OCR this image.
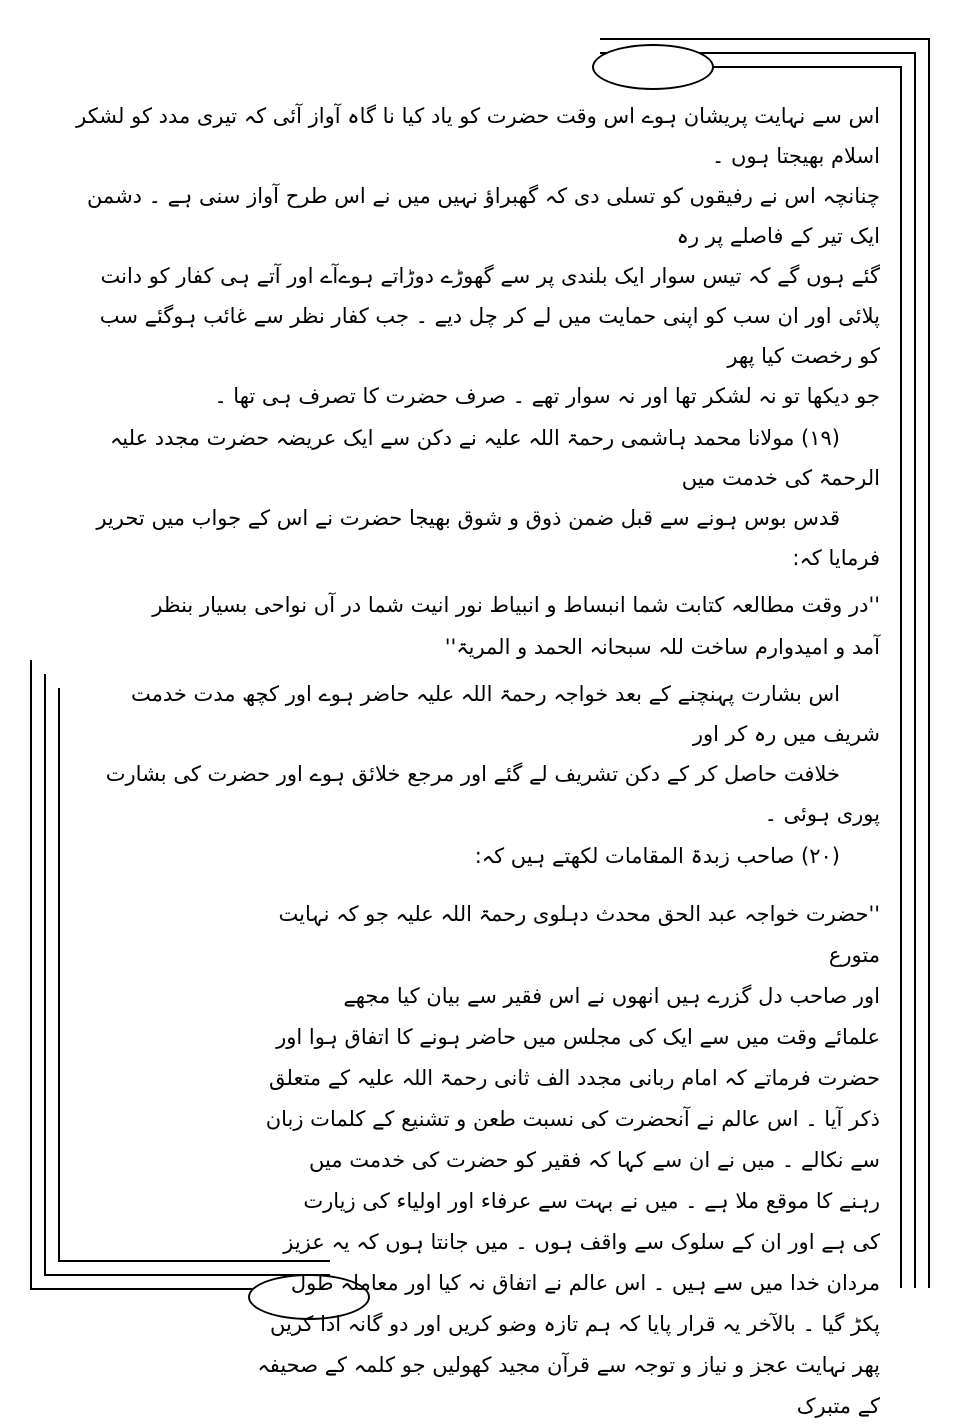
اس سے نہایت پریشان ہوے اس وقت حضرت کو یاد کیا نا گاہ آواز آئی کہ تیری مدد کو لشکر اسلام بھیجتا ہوں ۔
چنانچہ اس نے رفیقوں کو تسلی دی کہ گھبراؤ نہیں میں نے اس طرح آواز سنی ہے ۔ دشمن ایک تیر کے فاصلے پر رہ
گئے ہوں گے کہ تیس سوار ایک بلندی پر سے گھوڑے دوڑاتے ہوےآے اور آتے ہی کفار کو دانت
پلائی اور ان سب کو اپنی حمایت میں لے کر چل دیے ۔ جب کفار نظر سے غائب ہوگئے سب کو رخصت کیا پھر
جو دیکھا تو نہ لشکر تھا اور نہ سوار تھے ۔ صرف حضرت کا تصرف ہی تھا ۔
(۱۹) مولانا محمد ہاشمی رحمۃ اللہ علیہ نے دکن سے ایک عریضہ حضرت مجدد علیہ الرحمۃ کی خدمت میں
قدس بوس ہونے سے قبل ضمن ذوق و شوق بھیجا حضرت نے اس کے جواب میں تحریر فرمایا کہ:
''در وقت مطالعہ کتابت شما انبساط و انبیاط نور انیت شما در آں نواحی بسیار بنظر
آمد و امیدوارم ساخت للہ سبحانہ الحمد و المریۃ''
اس بشارت پہنچنے کے بعد خواجہ رحمۃ اللہ علیہ حاضر ہوے اور کچھ مدت خدمت شریف میں رہ کر اور
خلافت حاصل کر کے دکن تشریف لے گئے اور مرجع خلائق ہوے اور حضرت کی بشارت پوری ہوئی ۔
(۲۰) صاحب زبدۃ المقامات لکھتے ہیں کہ:
''حضرت خواجہ عبد الحق محدث دہلوی رحمۃ اللہ علیہ جو کہ نہایت متورع
اور صاحب دل گزرے ہیں انھوں نے اس فقیر سے بیان کیا مجھے
علمائے وقت میں سے ایک کی مجلس میں حاضر ہونے کا اتفاق ہوا اور
حضرت فرماتے کہ امام ربانی مجدد الف ثانی رحمۃ اللہ علیہ کے متعلق
ذکر آیا ۔ اس عالم نے آنحضرت کی نسبت طعن و تشنیع کے کلمات زبان
سے نکالے ۔ میں نے ان سے کہا کہ فقیر کو حضرت کی خدمت میں
رہنے کا موقع ملا ہے ۔ میں نے بہت سے عرفاء اور اولیاء کی زیارت
کی ہے اور ان کے سلوک سے واقف ہوں ۔ میں جانتا ہوں کہ یہ عزیز
مردان خدا میں سے ہیں ۔ اس عالم نے اتفاق نہ کیا اور معاملہ طول
پکڑ گیا ۔ بالآخر یہ قرار پایا کہ ہم تازہ وضو کریں اور دو گانہ ادا کریں
پھر نہایت عجز و نیاز و توجہ سے قرآن مجید کھولیں جو کلمہ کے صحیفہ کے متبرک
